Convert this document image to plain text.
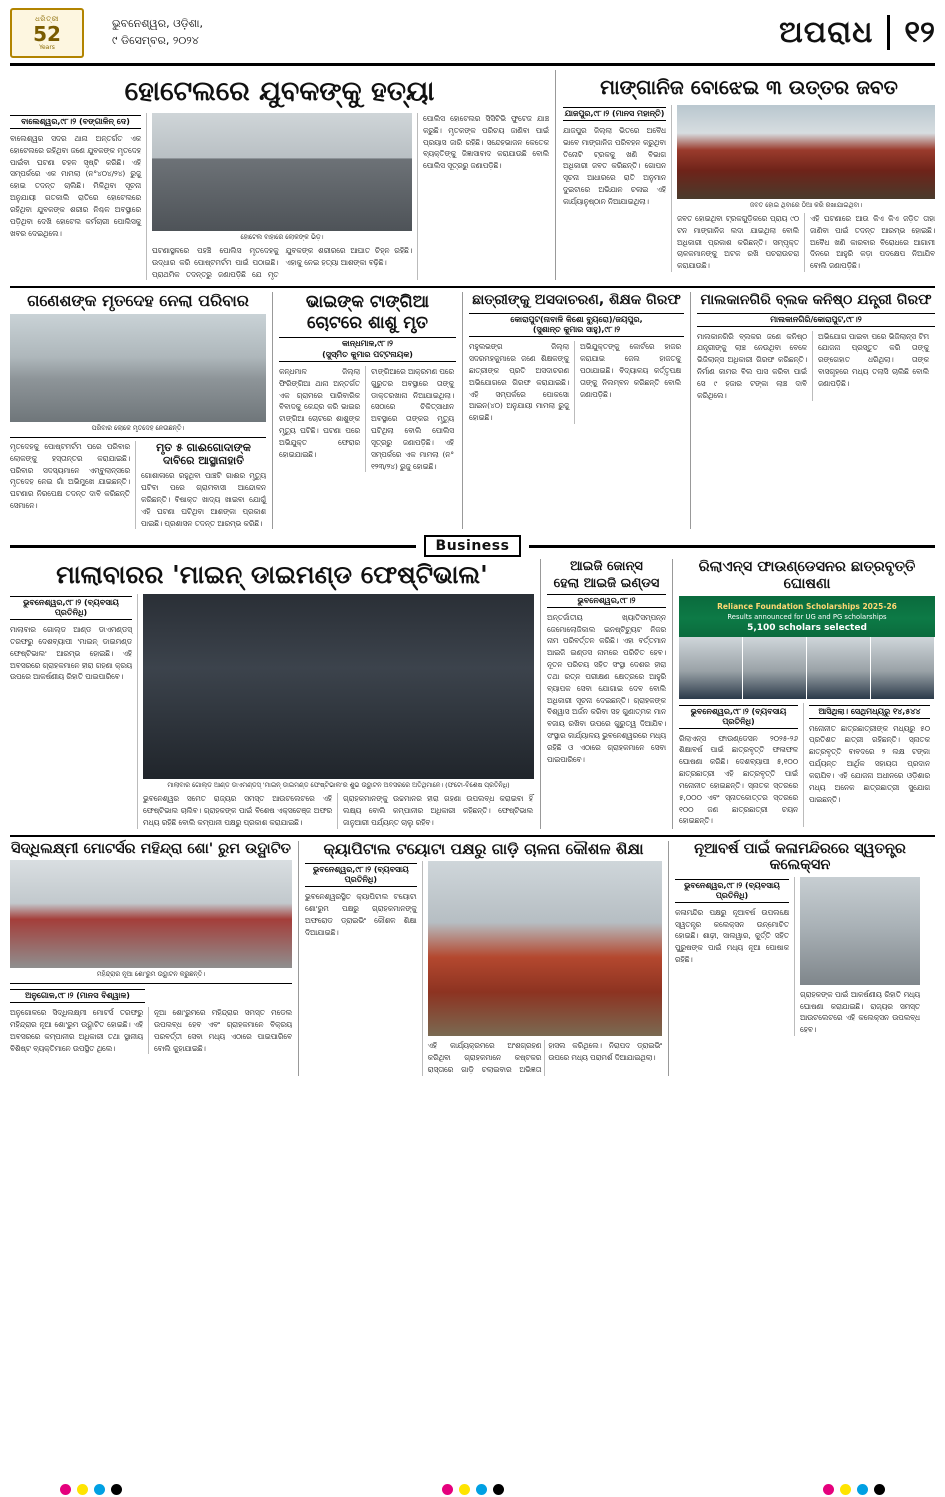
ଧରିତ୍ରୀ
52
Years
ଭୁବନେଶ୍ୱର, ଓଡ଼ିଶା,
୯ ଡିସେମ୍ବର, ୨୦୨୪	ଅପରାଧ	୧୨
ହୋଟେଲରେ ଯୁବକଙ୍କୁ ହତ୍ୟା
ବାଲେଶ୍ୱର,୯୮।୨ (ବଙ୍ଗାଳିନ୍ ଦେ)
ବାଲେଶ୍ୱର ସଦର ଥାନା ଅନ୍ତର୍ଗତ ଏକ ହୋଟେଲରେ ରହିଥିବା ଜଣେ ଯୁବକଙ୍କ ମୃତଦେହ ପାଇଁବା ଘଟଣା ଚହଳ ସୃଷ୍ଟି କରିଛି। ଏହି ସମ୍ପର୍କରେ ଏକ ମାମଲା (ନ°୪୦୪/୨୪) ରୁଜୁ ହୋଇ ତଦନ୍ତ ଚାଲିଛି। ମିଳିଥିବା ସୂଚନା ଅନୁଯାୟୀ ଗତକାଲି ରାତିରେ ହୋଟେଲରେ ରହିଥିବା ଯୁବକଙ୍କ ଶରୀର ନିଶ୍ଚଳ ଅବସ୍ଥାରେ ପଡ଼ିଥିବା ଦେଖି ହୋଟେଲ କର୍ମଚାରୀ ପୋଲିସକୁ ଖବର ଦେଇଥିଲେ।	ହୋଟେଲ ବାହାରେ ଲୋକଙ୍କ ଭିଡ଼।
ଘଟଣାସ୍ଥଳରେ ପହଞ୍ଚି ପୋଲିସ ମୃତଦେହକୁ ଉଦ୍ଧାର କରି ପୋଷ୍ଟମର୍ଟମ ପାଇଁ ପଠାଇଛି। ପ୍ରାଥମିକ ତଦନ୍ତରୁ ଜଣାପଡ଼ିଛି ଯେ ମୃତ ଯୁବକଙ୍କ ଶରୀରରେ ଆଘାତ ଚିହ୍ନ ରହିଛି। ଏହାକୁ ନେଇ ହତ୍ୟା ଆଶଙ୍କା ବଢ଼ିଛି।
ପୋଲିସ ହୋଟେଲର ସିସିଟିଭି ଫୁଟେଜ ଯାଞ୍ଚ କରୁଛି। ମୃତକଙ୍କ ପରିଚୟ ଜାଣିବା ପାଇଁ ପ୍ରୟାସ ଜାରି ରହିଛି। ସନ୍ଦେହଭାଜନ କେତେକ ବ୍ୟକ୍ତିଙ୍କୁ ଜିଜ୍ଞାସାବାଦ କରାଯାଉଛି ବୋଲି ପୋଲିସ ସୂତ୍ରରୁ ଜଣାପଡ଼ିଛି।
ମାଙ୍ଗାନିଜ ବୋଝେଇ ୩ ଉତ୍ତର ଜବତ
ଯାଜପୁର,୯୮।୨ (ମାନସ ମହାନ୍ତି)
ଯାଜପୁର ଜିଲ୍ଲା ଭିତରେ ଅବୈଧ ଭାବେ ମାଙ୍ଗାନିଜ ପରିବହନ କରୁଥିବା ତିନୋଟି ଟ୍ରକକୁ ଖଣି ବିଭାଗ ଅଧିକାରୀ ଜବତ କରିଛନ୍ତି। ଗୋପନ ସୂଚନା ଆଧାରରେ ରାତି ଅନୁମାନ ଦୁଇଟାରେ ଅଭିଯାନ ଚଳାଇ ଏହି କାର୍ଯ୍ୟାନୁଷ୍ଠାନ ନିଆଯାଇଥିଲା।	ଜବତ ହୋଇ ଥିବାରେ ଠିଆ କରି ରଖାଯାଇଥିବା।
ଜବତ ହୋଇଥିବା ଟ୍ରକଗୁଡ଼ିକରେ ପ୍ରାୟ ୯୦ ଟନ ମାଙ୍ଗାନିଜ ଲଦା ଯାଇଥିଲା ବୋଲି ଅଧିକାରୀ ପ୍ରକାଶ କରିଛନ୍ତି। ସମ୍ପୃକ୍ତ ଚାଳକମାନଙ୍କୁ ଅଟକ ରଖି ପଚରାଉଚରା କରାଯାଉଛି।
ଏହି ଘଟଣାରେ ଆଉ କିଏ କିଏ ଜଡ଼ିତ ତାହା ଜାଣିବା ପାଇଁ ତଦନ୍ତ ଆରମ୍ଭ ହୋଇଛି। ଅବୈଧ ଖଣି କାରବାର ବିରୋଧରେ ଆଗାମୀ ଦିନରେ ଆହୁରି କଡ଼ା ପଦକ୍ଷେପ ନିଆଯିବ ବୋଲି ଜଣାପଡ଼ିଛି।
ଗଣେଶଙ୍କ ମୃତଦେହ ନେଲା ପରିବାର
ପରିବାର ଲୋକେ ମୃତଦେହ ନେଉଛନ୍ତି।
ମୃତଦେହକୁ ପୋଷ୍ଟମର୍ଟମ ପରେ ପରିବାର ଲୋକଙ୍କୁ ହସ୍ତାନ୍ତର କରାଯାଇଛି। ପରିବାର ସଦସ୍ୟମାନେ ଏମ୍ବୁଲାନ୍ସରେ ମୃତଦେହ ନେଇ ଗାଁ ଅଭିମୁଖେ ଯାଇଛନ୍ତି। ଘଟଣାର ନିରପେକ୍ଷ ତଦନ୍ତ ଦାବି କରିଛନ୍ତି ସେମାନେ।
ମୃତ ୫ ଗାଈଗୋଦାଙ୍କ
ଦାବିରେ ଆସ୍ଥାନାହାତି
ଗୋଶାଳାରେ ରହୁଥିବା ପାଞ୍ଚଟି ଗାଈର ମୃତ୍ୟୁ ଘଟିବା ପରେ ଗ୍ରାମବାସୀ ଆନ୍ଦୋଳନ କରିଛନ୍ତି। ବିଷାକ୍ତ ଖାଦ୍ୟ ଖାଇବା ଯୋଗୁଁ ଏହି ଘଟଣା ଘଟିଥିବା ଆଶଙ୍କା ପ୍ରକାଶ ପାଇଛି। ପ୍ରଶାସନ ତଦନ୍ତ ଆରମ୍ଭ କରିଛି।
ଭାଇଙ୍କ ଟାଙ୍ଗିଆ
ଚୋଟରେ ଶାଶୁ ମୃତ
କାନ୍ଧମାଳ,୯୮।୨
(ସୁସ୍ମିତ କୁମାର ପଟ୍ଟନାୟକ)
କନ୍ଧମାଳ ଜିଲ୍ଲା ଫିରିଙ୍ଗିଆ ଥାନା ଅନ୍ତର୍ଗତ ଏକ ଗ୍ରାମରେ ପାରିବାରିକ ବିବାଦକୁ କେନ୍ଦ୍ର କରି ଭାଇର ଟାଙ୍ଗିଆ ଚୋଟରେ ଶାଶୁଙ୍କ ମୃତ୍ୟୁ ଘଟିଛି। ଘଟଣା ପରେ ଅଭିଯୁକ୍ତ ଫେରାର ହୋଇଯାଇଛି।
ଟାଙ୍ଗିଆରେ ଆକ୍ରମଣ ପରେ ଗୁରୁତର ଅବସ୍ଥାରେ ତାଙ୍କୁ ଡାକ୍ତରଖାନା ନିଆଯାଇଥିଲା। ସେଠାରେ ଚିକିତ୍ସାଧୀନ ଅବସ୍ଥାରେ ତାଙ୍କର ମୃତ୍ୟୁ ଘଟିଥିଲା ବୋଲି ପୋଲିସ ସୂତ୍ରରୁ ଜଣାପଡ଼ିଛି। ଏହି ସମ୍ପର୍କରେ ଏକ ମାମଲା (ନ° ୧୨୩/୨୪) ରୁଜୁ ହୋଇଛି।
ଛାତ୍ରୀଙ୍କୁ ଅସଦାଚରଣ, ଶିକ୍ଷକ ଗିରଫ
କୋରାପୁଟ(ନାବାଳି କିଶୋ ବ୍ୟୁରୋ)/ଜୟପୁର,
(ସୁଶାନ୍ତ କୁମାର ସାହୁ),୯୮।୨
ମହୁଲଭଙ୍ଗ ଜିଲ୍ଲା ସଦରମହକୁମାରେ ଜଣେ ଶିକ୍ଷକଙ୍କୁ ଛାତ୍ରୀଙ୍କ ପ୍ରତି ଅସଦାଚରଣ ଅଭିଯୋଗରେ ଗିରଫ କରାଯାଇଛି। ଏହି ସମ୍ପର୍କରେ ପୋକସୋ ଆଇନ(୪୦) ଅନୁଯାୟୀ ମାମଲା ରୁଜୁ ହୋଇଛି।
ଅଭିଯୁକ୍ତଙ୍କୁ କୋର୍ଟରେ ହାଜର କରାଯାଇ ଜେଲ ହାଜତକୁ ପଠାଯାଇଛି। ବିଦ୍ୟାଳୟ କର୍ତ୍ତୃପକ୍ଷ ତାଙ୍କୁ ନିଲମ୍ବନ କରିଛନ୍ତି ବୋଲି ଜଣାପଡ଼ିଛି।
ମାଲକାନଗିରି ବ୍ଲକ କନିଷ୍ଠ ଯନ୍ତ୍ରୀ ଗିରଫ
ମାଲକାନଗିରି/କୋରାପୁଟ,୯୮।୨
ମାଲକାନଗିରି ବ୍ଲକର ଜଣେ କନିଷ୍ଠ ଯନ୍ତ୍ରୀଙ୍କୁ ଲାଞ୍ଚ ନେଉଥିବା ବେଳେ ଭିଜିଲାନ୍ସ ଅଧିକାରୀ ଗିରଫ କରିଛନ୍ତି। ନିର୍ମାଣ କାମର ବିଲ ପାସ କରିବା ପାଇଁ ସେ ୯ ହଜାର ଟଙ୍କା ଲାଞ୍ଚ ଦାବି କରିଥିଲେ।
ଅଭିଯୋଗ ପାଇବା ପରେ ଭିଜିଲାନ୍ସ ଟିମ ଯୋଜନା ପ୍ରସ୍ତୁତ କରି ତାଙ୍କୁ ରଙ୍ଗେହାତ ଧରିଥିଲା। ତାଙ୍କ ବାସଗୃହରେ ମଧ୍ୟ ତଲାସି ଚାଲିଛି ବୋଲି ଜଣାପଡ଼ିଛି।
Business
ମାଲାବାରର 'ମାଇନ୍ ଡାଇମଣ୍ଡ ଫେଷ୍ଟିଭାଲ'
ଭୁବନେଶ୍ୱର,୯୮।୨ (ବ୍ୟବସାୟ ପ୍ରତିନିଧି)
ମାଲାବାର ଗୋଲ୍ଡ ଆଣ୍ଡ ଡାଏମଣ୍ଡସ୍ ତରଫରୁ ଦେଶବ୍ୟାପୀ 'ମାଇନ୍ ଡାଇମଣ୍ଡ ଫେଷ୍ଟିଭାଲ' ଆରମ୍ଭ ହୋଇଛି। ଏହି ଅବସରରେ ଗ୍ରାହକମାନେ ହୀରା ଗହଣା କ୍ରୟ ଉପରେ ଆକର୍ଷଣୀୟ ରିହାତି ପାଇପାରିବେ।
ମାଲାବାର ଗୋଲ୍ଡ ଆଣ୍ଡ ଡାଏମଣ୍ଡସ୍ 'ମାଇନ୍ ଡାଇମଣ୍ଡ ଫେଷ୍ଟିଭାଲ'ର ଶୁଭ ଉଦ୍ଘାଟନ ଅବସରରେ ଅତିଥିମାନେ। (ଫଟୋ-ବିଶେଷ ପ୍ରତିନିଧି)
ଭୁବନେଶ୍ୱର ସମେତ ରାଜ୍ୟର ସମସ୍ତ ଆଉଟଲେଟରେ ଏହି ଫେଷ୍ଟିଭାଲ ଚାଲିବ। ଗ୍ରାହକଙ୍କ ପାଇଁ ବିଶେଷ ଏକ୍ସଚେଞ୍ଜ ଅଫର ମଧ୍ୟ ରହିଛି ବୋଲି କମ୍ପାନୀ ପକ୍ଷରୁ ପ୍ରକାଶ କରାଯାଇଛି।
ଗ୍ରାହକମାନଙ୍କୁ ଉଚ୍ଚମାନର ହୀରା ଗହଣା ଉପଲବ୍ଧ କରାଇବା ହିଁ ଲକ୍ଷ୍ୟ ବୋଲି କମ୍ପାନୀର ଅଧିକାରୀ କହିଛନ୍ତି। ଫେଷ୍ଟିଭାଲ ଜାନୁଆରୀ ପର୍ଯ୍ୟନ୍ତ ଚାଲୁ ରହିବ।
ଆଇଜି ଜୋନ୍ସ
ହେଲା ଆଇଜି ଇଣ୍ଡସ
ଭୁବନେଶ୍ୱର,୯୮।୨
ଅନ୍ତର୍ଜାତୀୟ ଖ୍ୟାତିସମ୍ପନ୍ନ ଜେମୋଲୋଜିକାଲ ଇନଷ୍ଟିଚ୍ୟୁଟ ନିଜର ନାମ ପରିବର୍ତ୍ତନ କରିଛି। ଏହା ବର୍ତ୍ତମାନ ଆଇଜି ଇଣ୍ଡସ ନାମରେ ପରିଚିତ ହେବ। ନୂତନ ପରିଚୟ ସହିତ ସଂସ୍ଥା ଦେଶର ହୀରା ତଥା ରତ୍ନ ପରୀକ୍ଷଣ କ୍ଷେତ୍ରରେ ଆହୁରି ବ୍ୟାପକ ସେବା ଯୋଗାଇ ଦେବ ବୋଲି ଅଧିକାରୀ ସୂଚନା ଦେଇଛନ୍ତି। ଗ୍ରାହକଙ୍କ ବିଶ୍ୱାସ ଅର୍ଜନ କରିବା ସହ ଗୁଣାତ୍ମକ ମାନ ବଜାୟ ରଖିବା ଉପରେ ଗୁରୁତ୍ୱ ଦିଆଯିବ। ସଂସ୍ଥାର କାର୍ଯ୍ୟାଳୟ ଭୁବନେଶ୍ୱରରେ ମଧ୍ୟ ରହିଛି ଓ ଏଠାରେ ଗ୍ରାହକମାନେ ସେବା ପାଇପାରିବେ।
ରିଲାଏନ୍ସ ଫାଉଣ୍ଡେସନର ଛାତ୍ରବୃତ୍ତି ଘୋଷଣା
Reliance Foundation Scholarships 2025-26
Results announced for UG and PG scholarships
5,100 scholars selected
ଭୁବନେଶ୍ୱର,୯୮।୨ (ବ୍ୟବସାୟ ପ୍ରତିନିଧି)
ରିଲାଏନ୍ସ ଫାଉଣ୍ଡେସନ ୨୦୨୫-୨୬ ଶିକ୍ଷାବର୍ଷ ପାଇଁ ଛାତ୍ରବୃତ୍ତି ଫଳାଫଳ ଘୋଷଣା କରିଛି। ଦେଶବ୍ୟାପୀ ୫,୧୦୦ ଛାତ୍ରଛାତ୍ରୀ ଏହି ଛାତ୍ରବୃତ୍ତି ପାଇଁ ମନୋନୀତ ହୋଇଛନ୍ତି। ସ୍ନାତକ ସ୍ତରରେ ୫,୦୦୦ ଏବଂ ସ୍ନାତକୋତ୍ତର ସ୍ତରରେ ୧୦୦ ଜଣ ଛାତ୍ରଛାତ୍ରୀ ଚୟନ ହୋଇଛନ୍ତି।
ଆସିଥିଲା। ସେଥିମଧ୍ୟରୁ ୧୪,୫୪୪
ମନୋନୀତ ଛାତ୍ରଛାତ୍ରୀଙ୍କ ମଧ୍ୟରୁ ୫୦ ପ୍ରତିଶତ ଛାତ୍ରୀ ରହିଛନ୍ତି। ସ୍ନାତକ ଛାତ୍ରବୃତ୍ତି ବାବଦରେ ୨ ଲକ୍ଷ ଟଙ୍କା ପର୍ଯ୍ୟନ୍ତ ଆର୍ଥିକ ସହାୟତା ପ୍ରଦାନ କରାଯିବ। ଏହି ଯୋଜନା ଅଧୀନରେ ଓଡ଼ିଶାର ମଧ୍ୟ ଅନେକ ଛାତ୍ରଛାତ୍ରୀ ସୁଯୋଗ ପାଇଛନ୍ତି।
ସିଦ୍ଧିଲକ୍ଷ୍ମୀ ମୋଟର୍ସର ମହିନ୍ଦ୍ରା ଶୋ' ରୁମ ଉଦ୍ଘାଟିତ
ମହିନ୍ଦ୍ରାର ନୂଆ ଶୋ'ରୁମ ଉଦ୍ଘାଟନ କରୁଛନ୍ତି।
ଅନୁଗୋଳ,୯୮।୨ (ମାନସ ବିଶ୍ୱାଳ)
ଅନୁଗୋଳରେ ସିଦ୍ଧିଲକ୍ଷ୍ମୀ ମୋଟର୍ସ ତରଫରୁ ମହିନ୍ଦ୍ରାର ନୂଆ ଶୋ'ରୁମ ଉଦ୍ଘାଟିତ ହୋଇଛି। ଏହି ଅବସରରେ କମ୍ପାନୀର ଅଧିକାରୀ ତଥା ସ୍ଥାନୀୟ ବିଶିଷ୍ଟ ବ୍ୟକ୍ତିମାନେ ଉପସ୍ଥିତ ଥିଲେ।
ନୂଆ ଶୋ'ରୁମରେ ମହିନ୍ଦ୍ରାର ସମସ୍ତ ମଡେଲ ଉପଲବ୍ଧ ହେବ ଏବଂ ଗ୍ରାହକମାନେ ବିକ୍ରୟ ପରବର୍ତ୍ତୀ ସେବା ମଧ୍ୟ ଏଠାରେ ପାଇପାରିବେ ବୋଲି କୁହାଯାଇଛି।
କ୍ୟାପିଟାଲ ଟୟୋଟା ପକ୍ଷରୁ ଗାଡ଼ି ଚାଳନା କୌଶଳ ଶିକ୍ଷା
ଭୁବନେଶ୍ୱର,୯୮।୨ (ବ୍ୟବସାୟ ପ୍ରତିନିଧି)
ଭୁବନେଶ୍ୱରସ୍ଥିତ କ୍ୟାପିଟାଲ ଟୟୋଟା ଶୋ'ରୁମ ପକ୍ଷରୁ ଗ୍ରାହକମାନଙ୍କୁ ଅଫରୋଡ ଡ୍ରାଇଭିଂ କୌଶଳ ଶିକ୍ଷା ଦିଆଯାଇଛି।
ଏହି କାର୍ଯ୍ୟକ୍ରମରେ ଅଂଶଗ୍ରହଣ କରିଥିବା ଗ୍ରାହକମାନେ କଷ୍ଟକର ରାସ୍ତାରେ ଗାଡ଼ି ଚଲାଇବାର ଅଭିଜ୍ଞତା ହାସଲ କରିଥିଲେ। ନିରାପଦ ଡ୍ରାଇଭିଂ ଉପରେ ମଧ୍ୟ ପରାମର୍ଶ ଦିଆଯାଇଥିଲା।
ନୂଆବର୍ଷ ପାଇଁ କଳାମନ୍ଦିରରେ ସ୍ୱତନ୍ତ୍ର କଲେକ୍ସନ
ଭୁବନେଶ୍ୱର,୯୮।୨ (ବ୍ୟବସାୟ ପ୍ରତିନିଧି)
କଳାମନ୍ଦିର ପକ୍ଷରୁ ନୂଆବର୍ଷ ଉପଲକ୍ଷେ ସ୍ୱତନ୍ତ୍ର କଲେକ୍ସନ ଉନ୍ମୋଚିତ ହୋଇଛି। ଶାଢ଼ୀ, ସାଲୱାର, କୁର୍ତ୍ତି ସହିତ ପୁରୁଷଙ୍କ ପାଇଁ ମଧ୍ୟ ନୂଆ ପୋଷାକ ରହିଛି।
ଗ୍ରାହକଙ୍କ ପାଇଁ ଆକର୍ଷଣୀୟ ରିହାତି ମଧ୍ୟ ଘୋଷଣା କରାଯାଇଛି। ରାଜ୍ୟର ସମସ୍ତ ଆଉଟଲେଟରେ ଏହି କଲେକ୍ସନ ଉପଲବ୍ଧ ହେବ।
